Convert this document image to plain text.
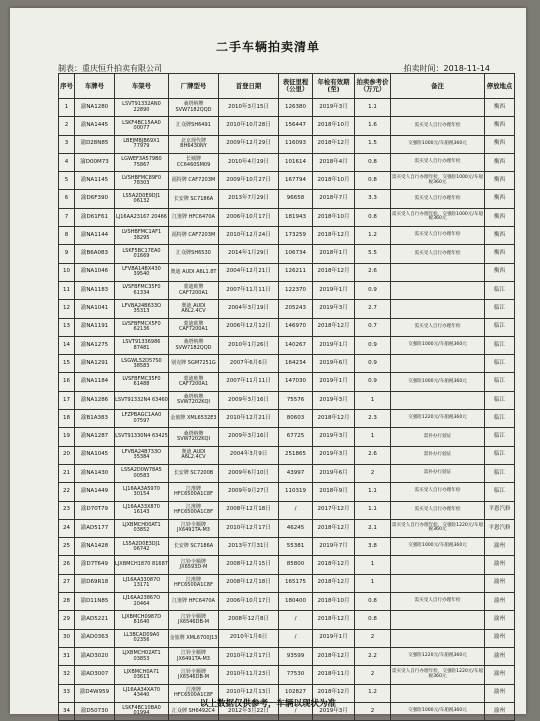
二手车辆拍卖清单
制表：重庆恒升拍卖有限公司	拍卖时间：2018-11-14
序号	车牌号	车架号	厂牌型号	首登日期	表征里程（公里）	年检有效期(至)	拍卖参考价（万元）	备注	停放地点
1	渝NA1280	LSVT91332AN0 22890	桑塔纳牌 SVW7182QQD	2010年3月15日	126380	2019年3月	1.1		衡西
2	渝NA1445	LSKF4BC15AA0 00077	汇众牌SH6491	2010年10月28日	156447	2018年10月	1.6	需买受人自行办理年检	衡西
3	渝D28N85	LBEJMBJB69X1 77979	北京现代牌 BH6430NY	2009年12月29日	116093	2018年12月	1.5	交强险1000元/车船税360元	衡西
4	渝D00M73	LGWEF3A579B0 75867	长城牌 CC6460SM09	2010年4月19日	101614	2018年4月	0.8	需买受人自行办理年检	衡西
5	渝NA1145	LVSHBFMC89F0 78303	福特牌 CAF7203M	2009年10月27日	167794	2018年10月	0.8	需买受人自行办理年检，交强险1000元/车船税360元	衡西
6	渝D6F390	LS5A2D0E9DJ1 06132	长安牌 SC7186A	2013年7月29日	96658	2018年7月	3.3	需买受人自行办理年检	衡西
7	渝D61F61	LJ16AA23167 20466	江淮牌 HFC6470A	2006年10月17日	181943	2018年10月	0.8	需买受人自行办理年检，交强险1000元/车船税360元	衡西
8	渝NA1144	LVSHBFMC1AF1 38295	福特牌 CAF7203M	2010年12月24日	173259	2018年12月	1.2	需买受人自行办理年检	衡西
9	渝B6A083	LSKF5BC17EA0 01669	汇众牌SH6530	2014年1月29日	106734	2018年1月	5.5	需买受人自行办理年检	衡西
10	渝NA1046	LFVBA14BX430 39540	奥迪 AUDI A6L1.8T	2004年12月21日	126211	2018年12月	2.6		衡西
11	渝NA1183	LVSFBFMC35F0 61334	蒙迪欧牌 CAF7200A1	2007年11月11日	122370	2019年1月	0.9		临江
12	渝NA1041	LFVBA24B633O 35313	奥迪 AUDI A6L2.4CV	2004年3月19日	205243	2019年3月	2.7		临江
13	渝NA1191	LVSFBFMCX5F0 62136	蒙迪欧牌 CAF7200A1	2006年12月12日	146970	2018年12月	0.7	需买受人自行办理年检	临江
14	渝NA1275	LSVT91336986 87481	桑塔纳牌 SVW7182QQD	2010年1月26日	140267	2019年1月	0.9	交强险1000元/车船税360元	临江
15	渝NA1291	LSGWL52D57S0 38583	别克牌 SGM7251G	2007年6月6日	164234	2019年6月	0.9		临江
16	渝NA1184	LVSFBFMC35F0 61488	蒙迪欧牌 CAF7200A1	2007年11月11日	147030	2019年1月	0.9	交强险1000元/车船税360元	临江
17	渝NA1286	LSVT91332N4 63460	桑塔纳牌 SVW7202KQI	2009年3月16日	75576	2019年3月	1		临江
18	渝B1A383	LFZPBAGC1AA0 07597	金旅牌 XML6532E3	2010年12月21日	80603	2018年12月	2.3	交强险1220元/车船税360元	临江
19	渝NA1287	LSVT91330N4 63425	桑塔纳牌 SVW7202KQI	2009年3月16日	67725	2019年3月	1	需补办行驶证	临江
20	渝NA1045	LFVBA24B733O 35384	奥迪 AUDI A6L2.4CV	2004年3月9日	251865	2019年3月	2.6	需补办行驶证	临江
21	渝NA1430	LS5A2D0W78A5 00583	长安牌 SC7200B	2009年6月10日	43997	2019年6月	2	需补办行驶证	临江
22	渝NA1449	LJ16AA3A5970 30154	江淮牌 HFC6500A1C8F	2009年9月27日	110319	2018年9月	1.1	需买受人自行办理年检	临江
23	渝D70T79	LJ16AA33X870 16143	江淮牌 HFC6500A1C8F	2008年12月18日	/	2017年12月	1.1	需买受人自行办理年检	平恩汽修
24	渝AD5177	LJXBMCH00AT1 03852	江铃全顺牌 JX6491TA-M3	2010年12月17日	46245	2018年12月	2.1	需买受人自行办理年检，交强险1220元/车船税360元	平恩汽修
25	渝NA1428	LS5A2D0E3DJ1 06742	长安牌 SC7186A	2013年7月31日	55381	2019年7月	3.8	交强险1000元/车船税360元	渝州
26	渝D7T649	LJXBMCH1870 81687	江铃全顺牌 JX6593D-M	2008年12月15日	85800	2018年12月	1		渝州
27	渝D69R18	LJ16AA33087O 13171	江淮牌 HFC6500A1C8F	2008年12月18日	165175	2018年12月	1		渝州
28	渝D11N85	LJ16AA23867O 20464	江淮牌 HFC6470A	2006年10月17日	180400	2018年10月	0.8	需买受人自行办理年检	渝州
29	渝AD5221	LJXBMCH0987D 81640	江铃全顺牌 JX6546DB-M	2008年12月8日	/	2018年12月	0.8		渝州
30	渝AD0363	LL3BCAD09A0 02356	金旅牌 XML6700J13	2010年1月6日	/	2019年1月	2		渝州
31	渝AD3020	LJXBMCH02AT1 03853	江铃全顺牌 JX6491TA-M3	2010年12月17日	93599	2018年12月	2.2	交强险1220元/车船税360元	渝州
32	渝AD3007	LJXBMCH0A71 03613	江铃全顺牌 JX6546DB-M	2010年11月23日	77530	2018年11月	2	需买受人自行办理年检，交强险1220元/车船税360元	渝州
33	渝D4W959	LJ16AA34XA70 43440	江淮牌 HFC6500A1C8F	2010年12月13日	102827	2018年12月	1.2		渝州
34	渝D50730	LSKF4BC10BA0 01994	汇众牌 SH6492C4	2012年3月22日	/	2019年3月	2	交强险1000元/车船税360元	渝州
以上数据仅供参考，车辆以现状为准
